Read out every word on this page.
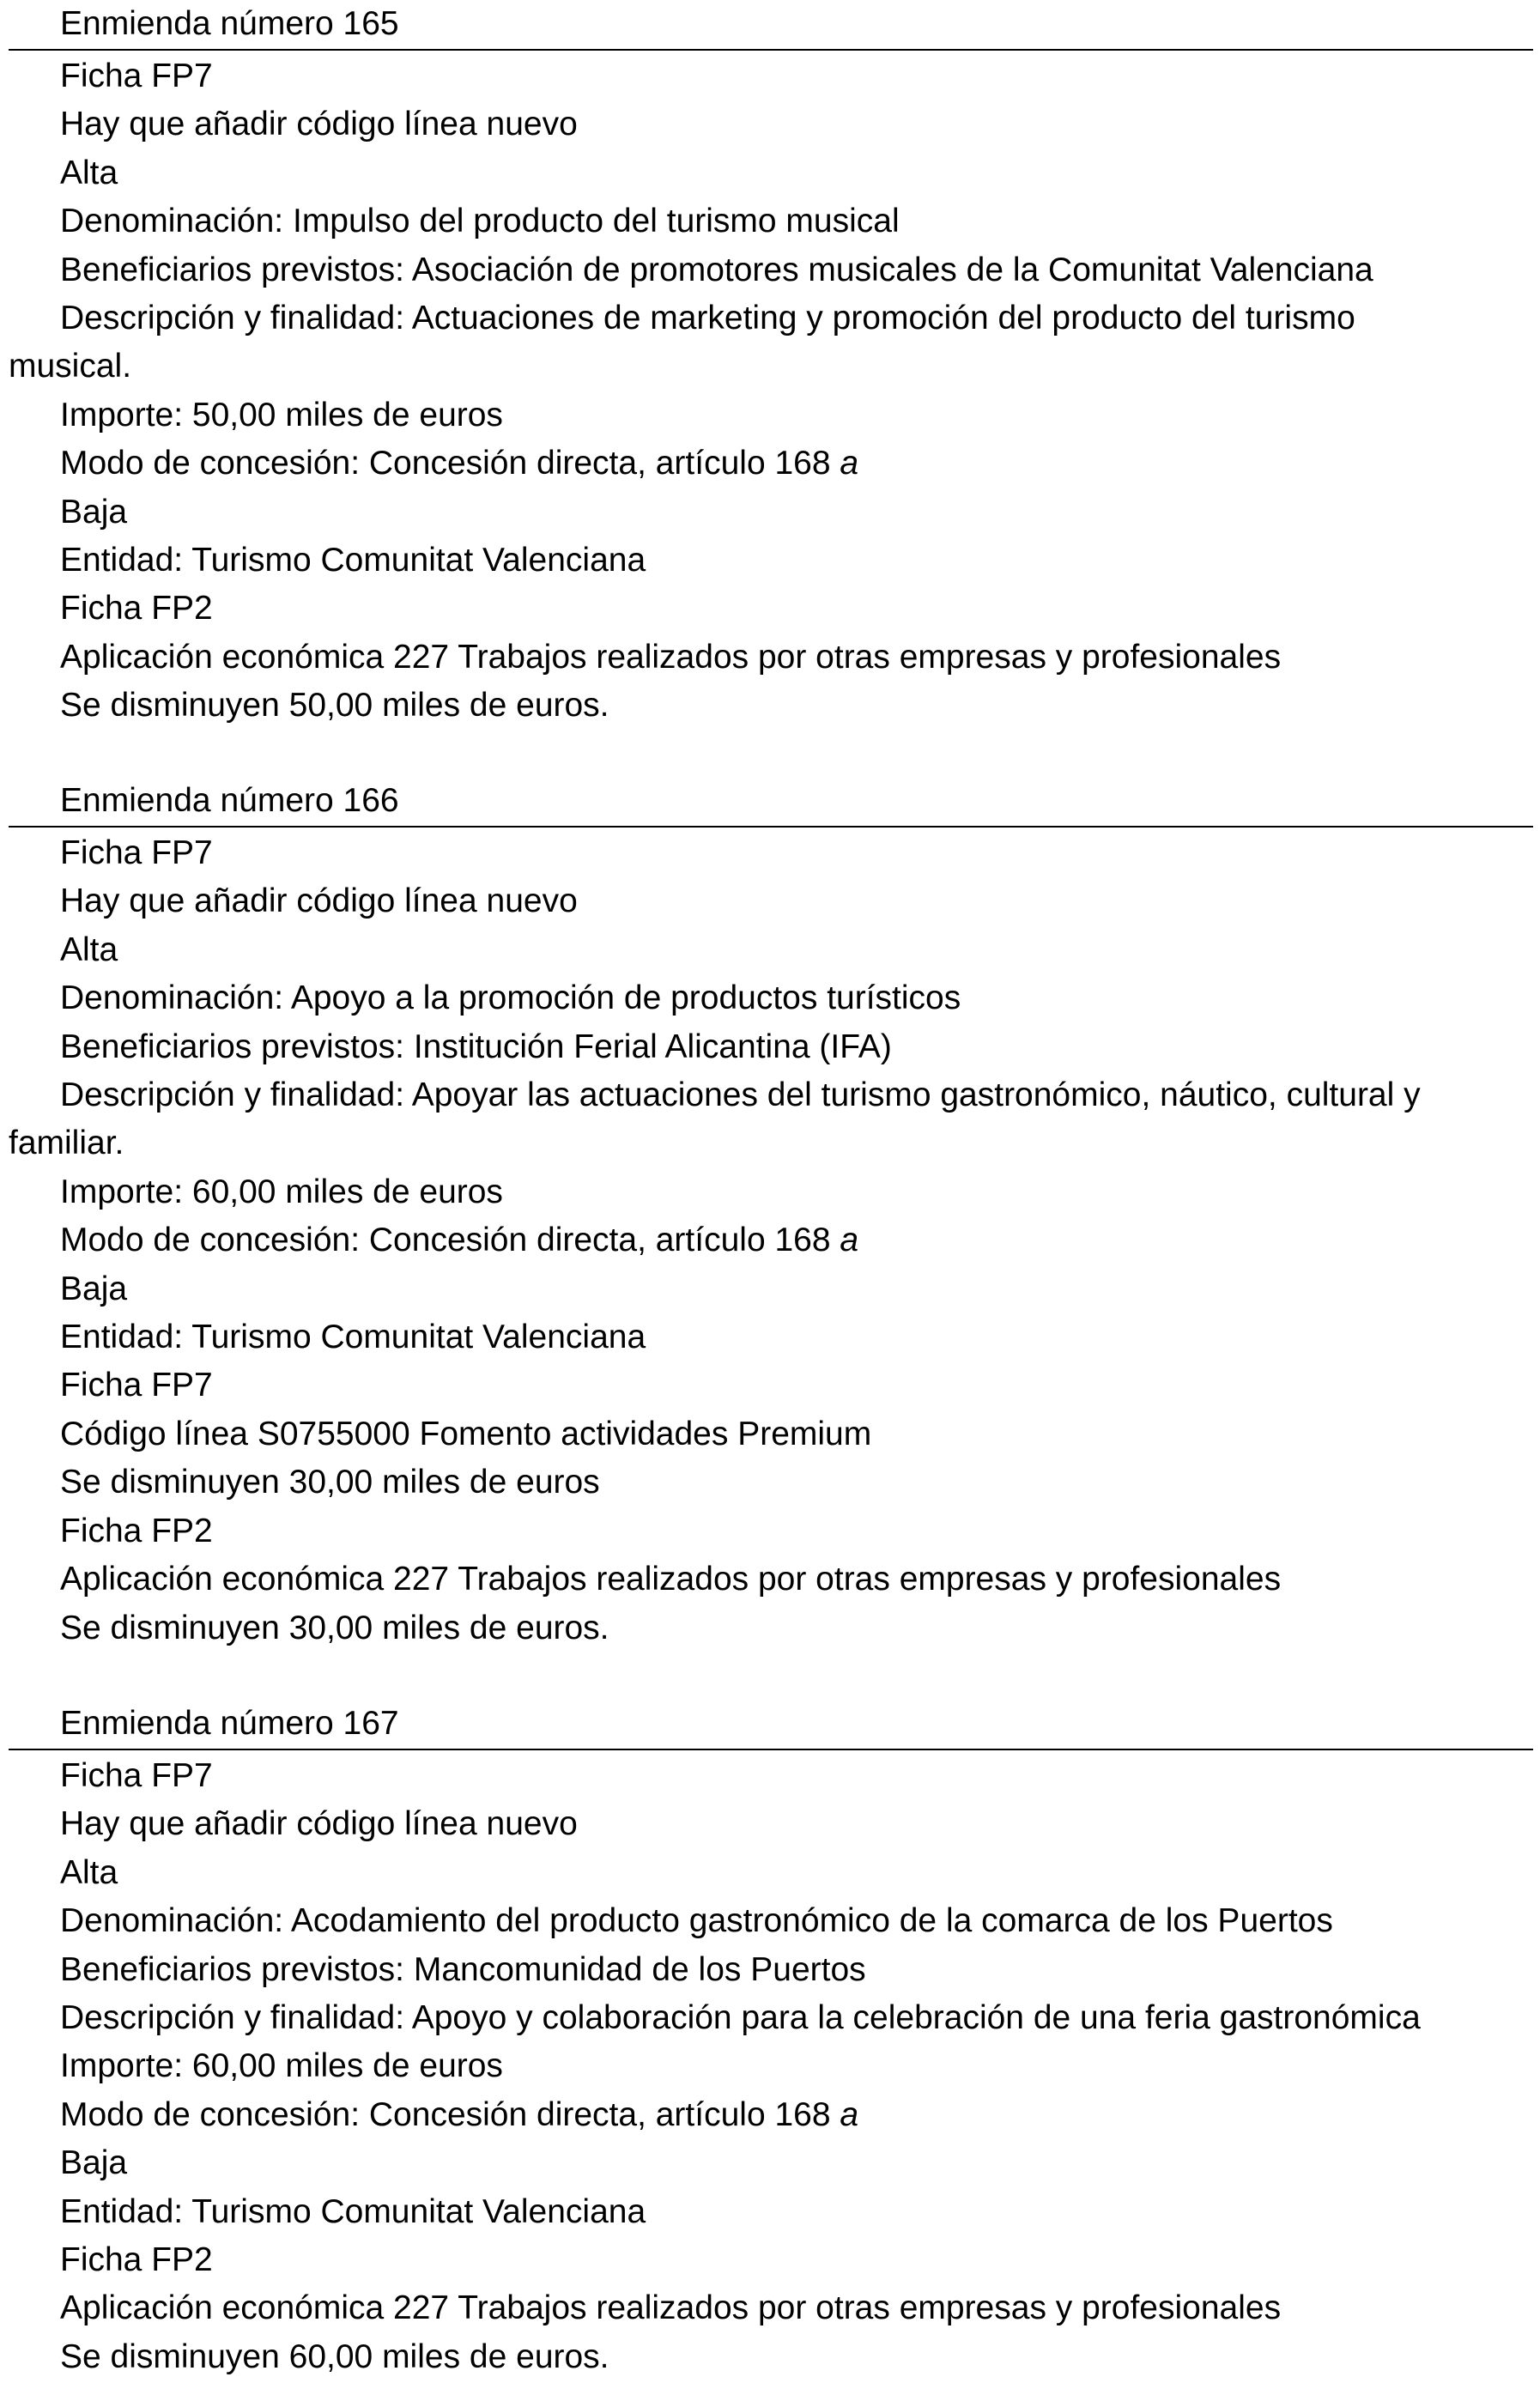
Enmienda número 165
Ficha FP7
Hay que añadir código línea nuevo
Alta
Denominación: Impulso del producto del turismo musical
Beneficiarios previstos: Asociación de promotores musicales de la Comunitat Valenciana
Descripción y finalidad: Actuaciones de marketing y promoción del producto del turismo
musical.
Importe: 50,00 miles de euros
Modo de concesión: Concesión directa, artículo 168 a
Baja
Entidad: Turismo Comunitat Valenciana
Ficha FP2
Aplicación económica 227 Trabajos realizados por otras empresas y profesionales
Se disminuyen 50,00 miles de euros.
Enmienda número 166
Ficha FP7
Hay que añadir código línea nuevo
Alta
Denominación: Apoyo a la promoción de productos turísticos
Beneficiarios previstos: Institución Ferial Alicantina (IFA)
Descripción y finalidad: Apoyar las actuaciones del turismo gastronómico, náutico, cultural y
familiar.
Importe: 60,00 miles de euros
Modo de concesión: Concesión directa, artículo 168 a
Baja
Entidad: Turismo Comunitat Valenciana
Ficha FP7
Código línea S0755000 Fomento actividades Premium
Se disminuyen 30,00 miles de euros
Ficha FP2
Aplicación económica 227 Trabajos realizados por otras empresas y profesionales
Se disminuyen 30,00 miles de euros.
Enmienda número 167
Ficha FP7
Hay que añadir código línea nuevo
Alta
Denominación: Acodamiento del producto gastronómico de la comarca de los Puertos
Beneficiarios previstos: Mancomunidad de los Puertos
Descripción y finalidad: Apoyo y colaboración para la celebración de una feria gastronómica
Importe: 60,00 miles de euros
Modo de concesión: Concesión directa, artículo 168 a
Baja
Entidad: Turismo Comunitat Valenciana
Ficha FP2
Aplicación económica 227 Trabajos realizados por otras empresas y profesionales
Se disminuyen 60,00 miles de euros.
